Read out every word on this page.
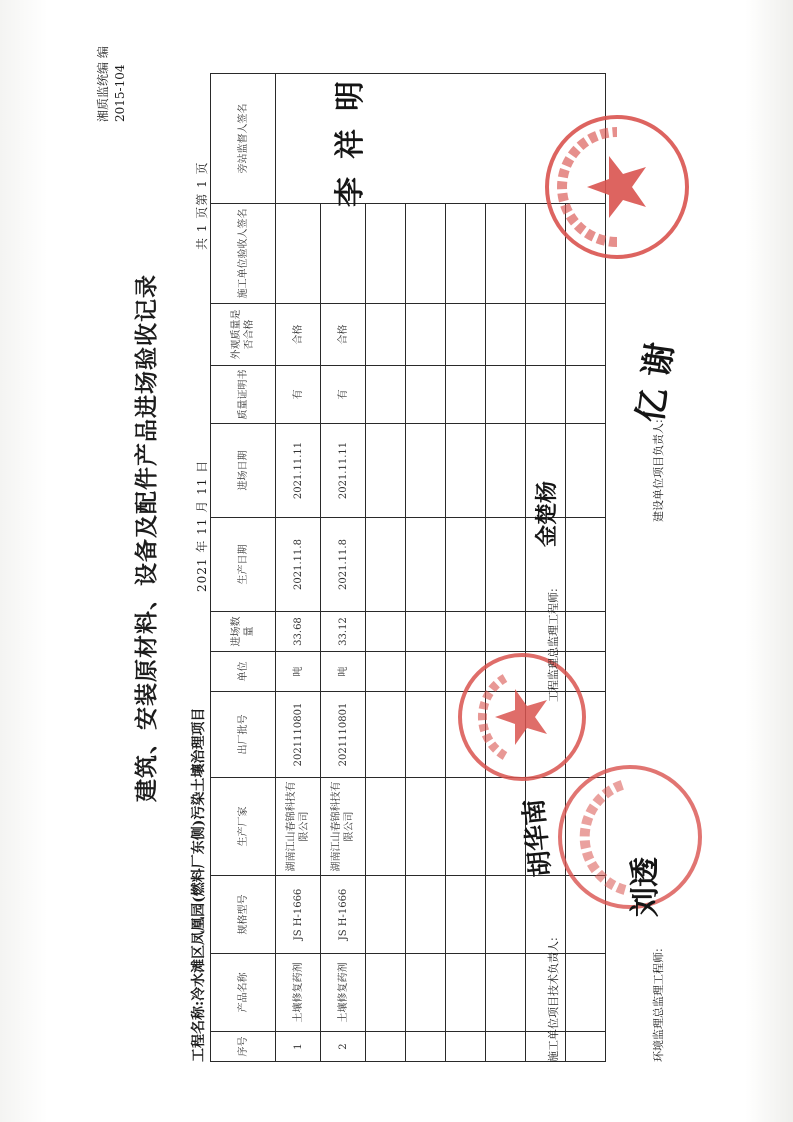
湘质监统编 编 2015-104
建筑、安装原材料、设备及配件产品进场验收记录
工程名称:冷水滩区凤凰园(燃料厂东侧)污染土壤治理项目
2021 年 11 月 11 日
共 1 页第 1 页
序号	产品名称	规格型号	生产厂家	出厂批号	单位	进场数量	生产日期	进场日期	质量证明书	外观质量是否合格	施工单位验收人签名	旁站监督人签名
1	土壤修复药剂	JS H-1666	湖南江山春锦科技有限公司	2021110801	吨	33.68	2021.11.8	2021.11.11	有	合格		
2	土壤修复药剂	JS H-1666	湖南江山春锦科技有限公司	2021110801	吨	33.12	2021.11.8	2021.11.11	有	合格		

施工单位项目技术负责人:
工程监理总监理工程师:
环境监理总监理工程师:
建设单位项目负责人:
胡华南
金楚杨
刘透
亿 谢
李祥明
